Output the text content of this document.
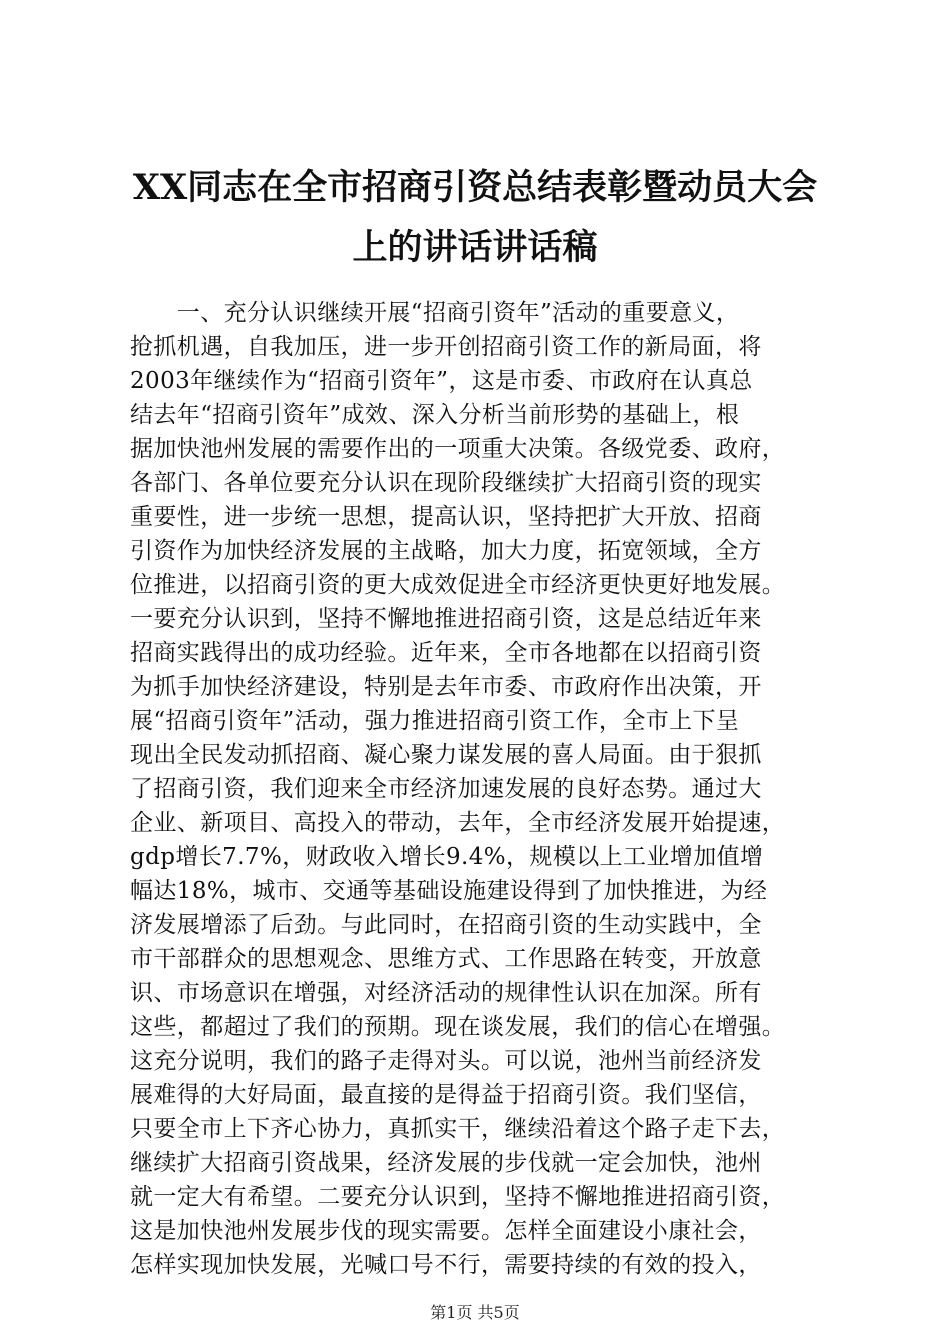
XX同志在全市招商引资总结表彰暨动员大会
上的讲话讲话稿
　　一、充分认识继续开展“招商引资年”活动的重要意义，
抢抓机遇，自我加压，进一步开创招商引资工作的新局面，将
2003年继续作为“招商引资年”，这是市委、市政府在认真总
结去年“招商引资年”成效、深入分析当前形势的基础上，根
据加快池州发展的需要作出的一项重大决策。各级党委、政府，
各部门、各单位要充分认识在现阶段继续扩大招商引资的现实
重要性，进一步统一思想，提高认识，坚持把扩大开放、招商
引资作为加快经济发展的主战略，加大力度，拓宽领域，全方
位推进，以招商引资的更大成效促进全市经济更快更好地发展。
一要充分认识到，坚持不懈地推进招商引资，这是总结近年来
招商实践得出的成功经验。近年来，全市各地都在以招商引资
为抓手加快经济建设，特别是去年市委、市政府作出决策，开
展“招商引资年”活动，强力推进招商引资工作，全市上下呈
现出全民发动抓招商、凝心聚力谋发展的喜人局面。由于狠抓
了招商引资，我们迎来全市经济加速发展的良好态势。通过大
企业、新项目、高投入的带动，去年，全市经济发展开始提速，
gdp增长7.7%，财政收入增长9.4%，规模以上工业增加值增
幅达18%，城市、交通等基础设施建设得到了加快推进，为经
济发展增添了后劲。与此同时，在招商引资的生动实践中，全
市干部群众的思想观念、思维方式、工作思路在转变，开放意
识、市场意识在增强，对经济活动的规律性认识在加深。所有
这些，都超过了我们的预期。现在谈发展，我们的信心在增强。
这充分说明，我们的路子走得对头。可以说，池州当前经济发
展难得的大好局面，最直接的是得益于招商引资。我们坚信，
只要全市上下齐心协力，真抓实干，继续沿着这个路子走下去，
继续扩大招商引资战果，经济发展的步伐就一定会加快，池州
就一定大有希望。二要充分认识到，坚持不懈地推进招商引资，
这是加快池州发展步伐的现实需要。怎样全面建设小康社会，
怎样实现加快发展，光喊口号不行，需要持续的有效的投入，
第1页 共5页
